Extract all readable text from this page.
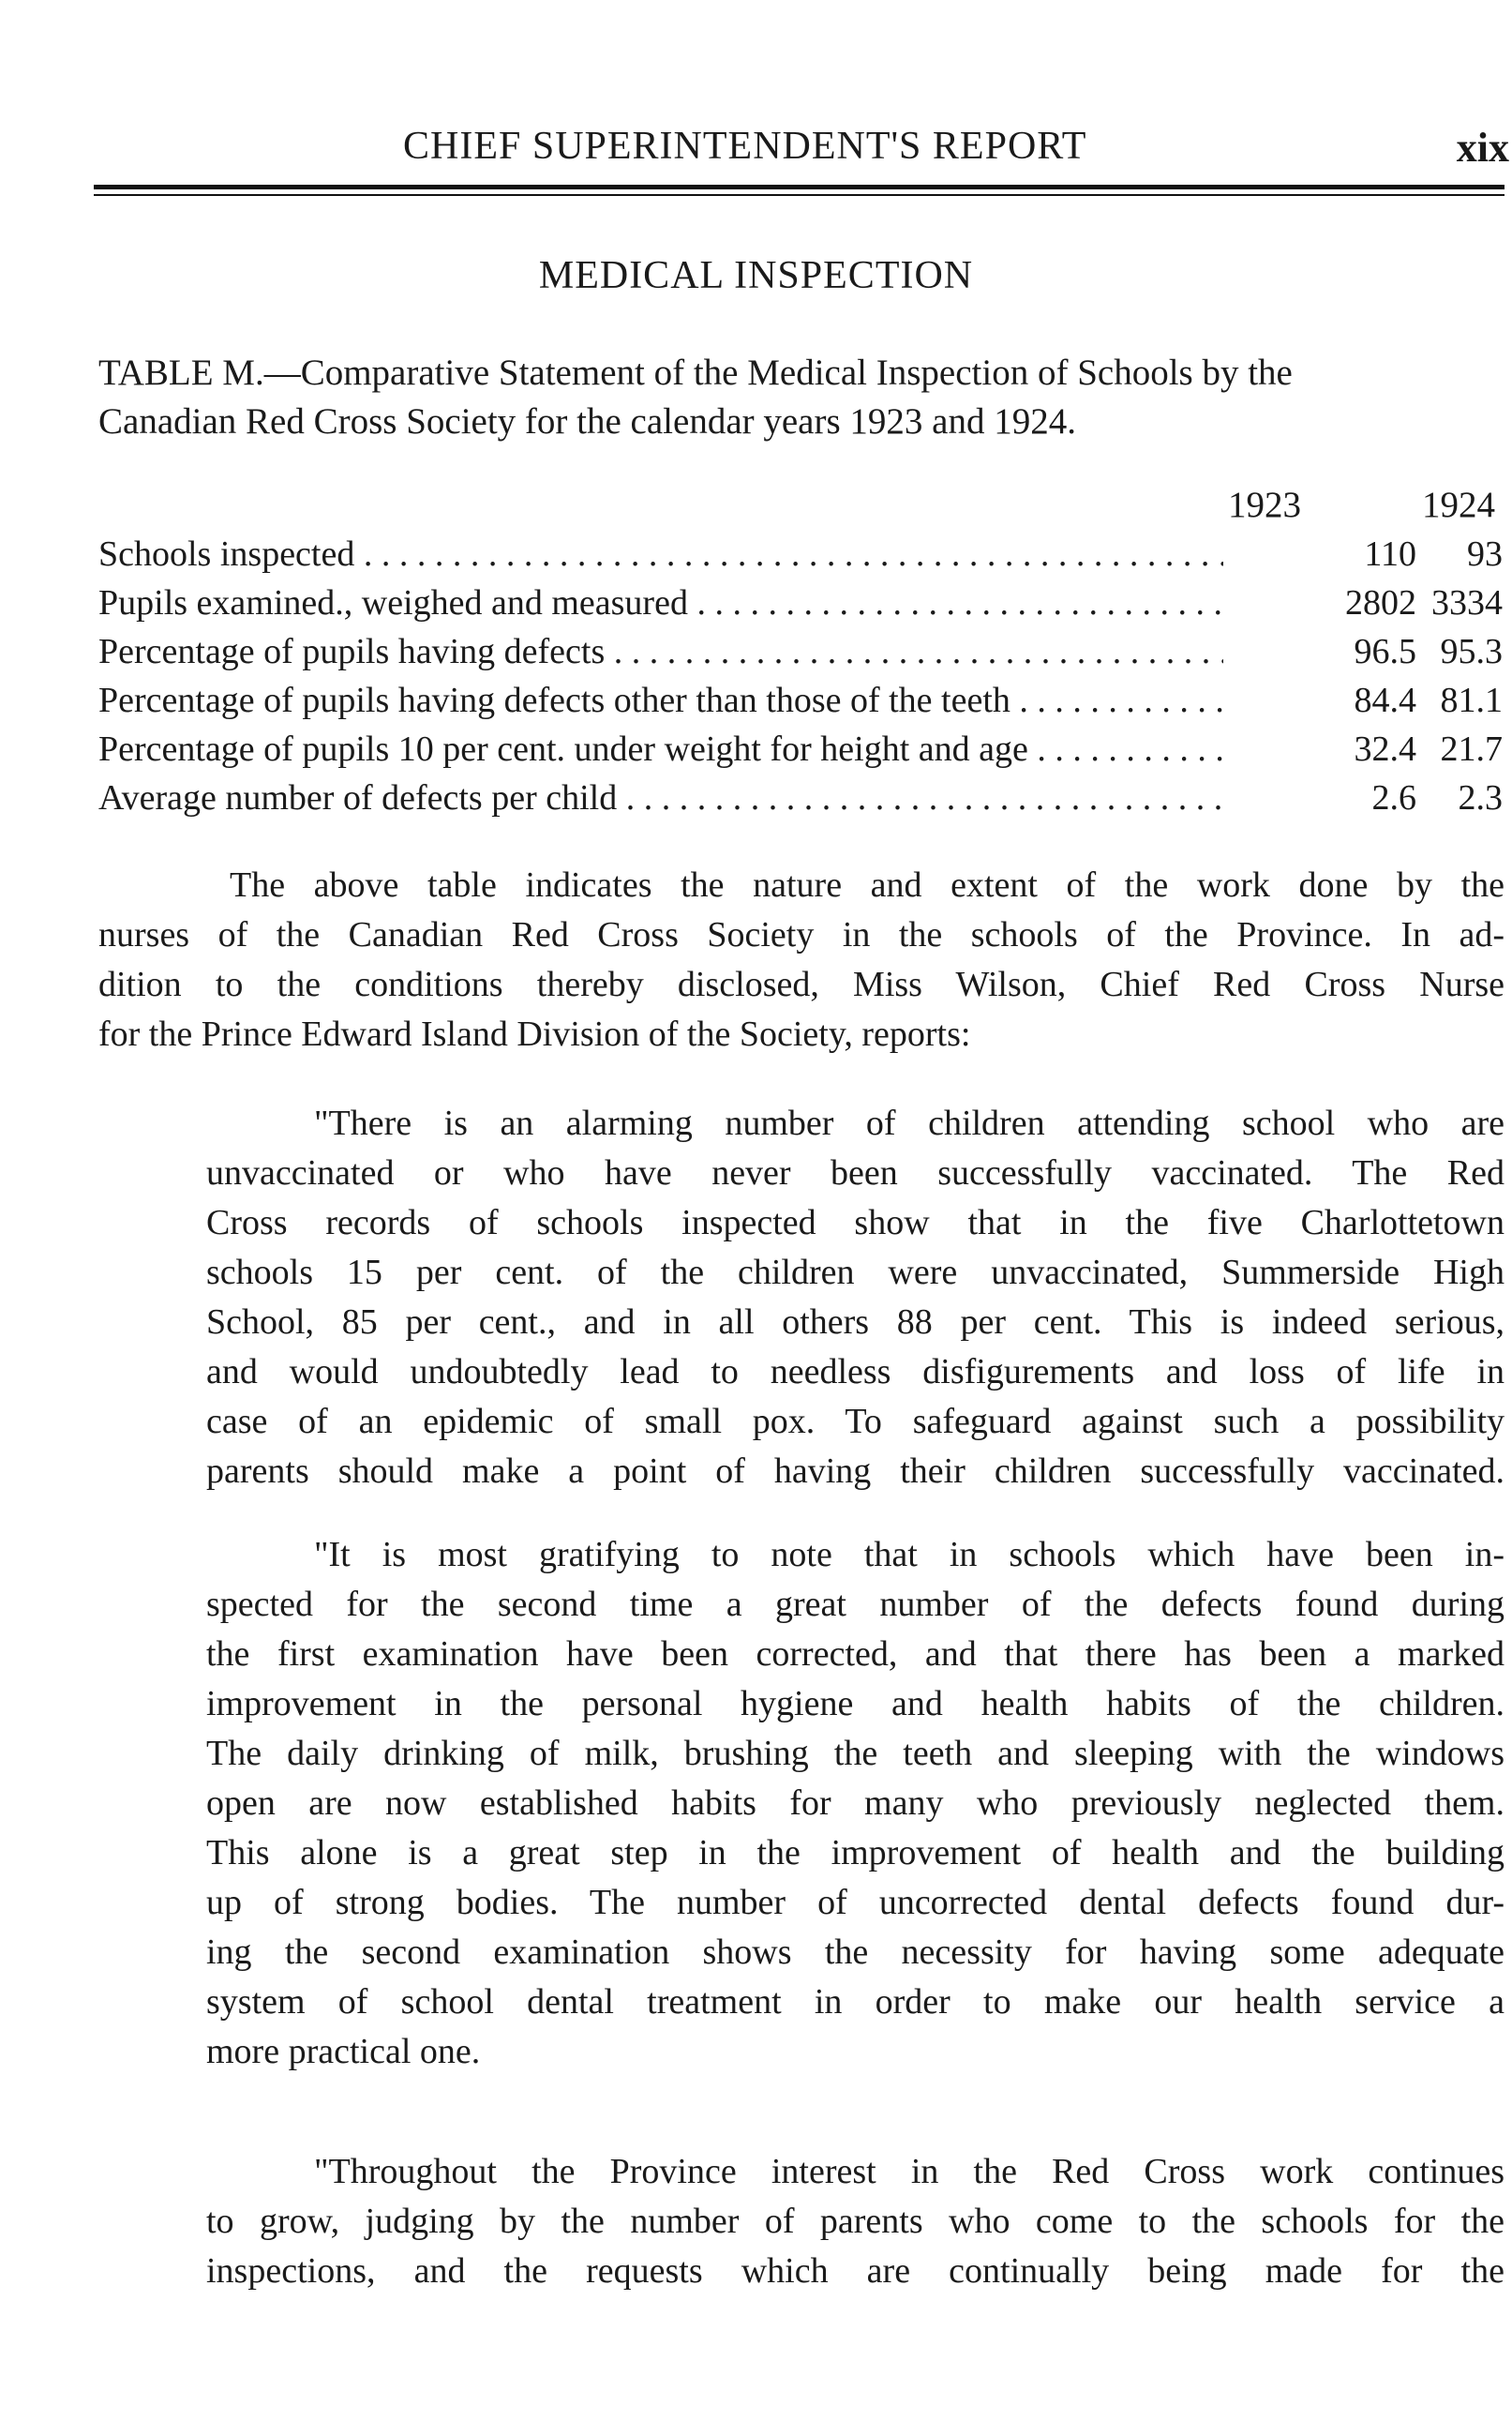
CHIEF SUPERINTENDENT'S REPORT	xix
MEDICAL INSPECTION
TABLE M.—Comparative Statement of the Medical Inspection of Schools by the
Canadian Red Cross Society for the calendar years 1923 and 1924.
1923	1924
Schools inspected . . .	110	93
Pupils examined., weighed and measured . . .	2802 3334
Percentage of pupils having defects . . .	96.5 95.3
Percentage of pupils having defects other than those of the teeth . . .	84.4 81.1
Percentage of pupils 10 per cent. under weight for height and age . . .	32.4 21.7
Average number of defects per child . . .	2.6	2.3
The above table indicates the nature and extent of the work done by the
nurses of the Canadian Red Cross Society in the schools of the Province. In ad-
dition to the conditions thereby disclosed, Miss Wilson, Chief Red Cross Nurse
for the Prince Edward Island Division of the Society, reports:
"There is an alarming number of children attending school who are
unvaccinated or who have never been successfully vaccinated. The Red
Cross records of schools inspected show that in the five Charlottetown
schools 15 per cent. of the children were unvaccinated, Summerside High
School, 85 per cent., and in all others 88 per cent. This is indeed serious,
and would undoubtedly lead to needless disfigurements and loss of life in
case of an epidemic of small pox. To safeguard against such a possibility
parents should make a point of having their children successfully vaccinated.
"It is most gratifying to note that in schools which have been in-
spected for the second time a great number of the defects found during
the first examination have been corrected, and that there has been a marked
improvement in the personal hygiene and health habits of the children.
The daily drinking of milk, brushing the teeth and sleeping with the windows
open are now established habits for many who previously neglected them.
This alone is a great step in the improvement of health and the building
up of strong bodies. The number of uncorrected dental defects found dur-
ing the second examination shows the necessity for having some adequate
system of school dental treatment in order to make our health service a
more practical one.
"Throughout the Province interest in the Red Cross work continues
to grow, judging by the number of parents who come to the schools for the
inspections, and the requests which are continually being made for the
